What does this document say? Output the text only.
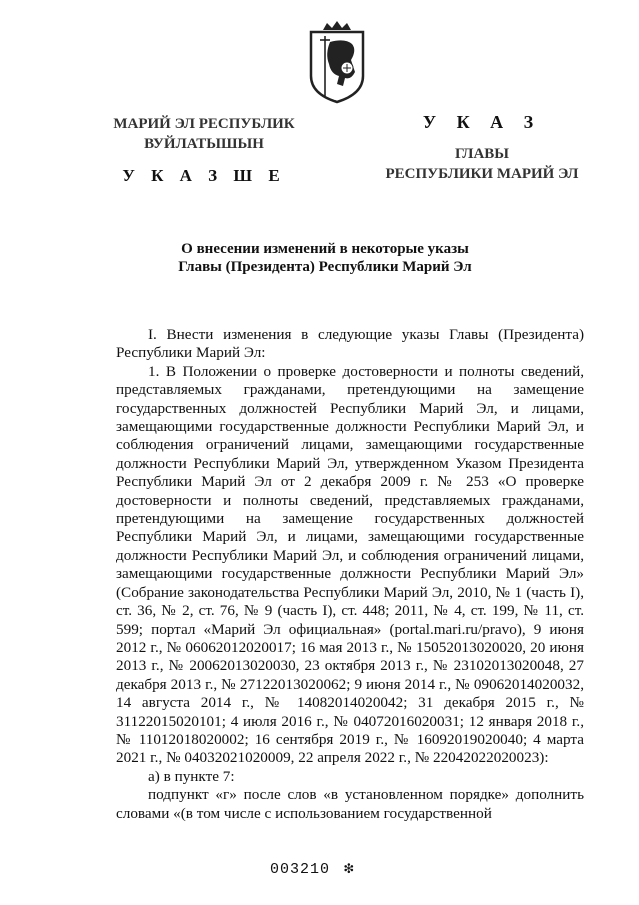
МАРИЙ ЭЛ РЕСПУБЛИК
ВУЙЛАТЫШЫН
У К А З Ш Е
У К А З
ГЛАВЫ
РЕСПУБЛИКИ МАРИЙ ЭЛ
О внесении изменений в некоторые указы
Главы (Президента) Республики Марий Эл

I. Внести изменения в следующие указы Главы (Президента) Республики Марий Эл:

1. В Положении о проверке достоверности и полноты сведений, представляемых гражданами, претендующими на замещение государственных должностей Республики Марий Эл, и лицами, замещающими государственные должности Республики Марий Эл, и соблюдения ограничений лицами, замещающими государственные должности Республики Марий Эл, утвержденном Указом Президента Республики Марий Эл от 2 декабря 2009 г. № 253 «О проверке достоверности и полноты сведений, представляемых гражданами, претендующими на замещение государственных должностей Республики Марий Эл, и лицами, замещающими государственные должности Республики Марий Эл, и соблюдения ограничений лицами, замещающими государственные должности Республики Марий Эл» (Собрание законодательства Республики Марий Эл, 2010, № 1 (часть I), ст. 36, № 2, ст. 76, № 9 (часть I), ст. 448; 2011, № 4, ст. 199, № 11, ст. 599; портал «Марий Эл официальная» (portal.mari.ru/pravo), 9 июня 2012 г., № 06062012020017; 16 мая 2013 г., № 15052013020020, 20 июня 2013 г., № 20062013020030, 23 октября 2013 г., № 23102013020048, 27 декабря 2013 г., № 27122013020062; 9 июня 2014 г., № 09062014020032, 14 августа 2014 г., № 14082014020042; 31 декабря 2015 г., № 31122015020101; 4 июля 2016 г., № 04072016020031; 12 января 2018 г., № 11012018020002; 16 сентября 2019 г., № 16092019020040; 4 марта 2021 г., № 04032021020009, 22 апреля 2022 г., № 22042022020023):

а) в пункте 7:

подпункт «г» после слов «в установленном порядке» дополнить словами «(в том числе с использованием государственной

003210 ❇
